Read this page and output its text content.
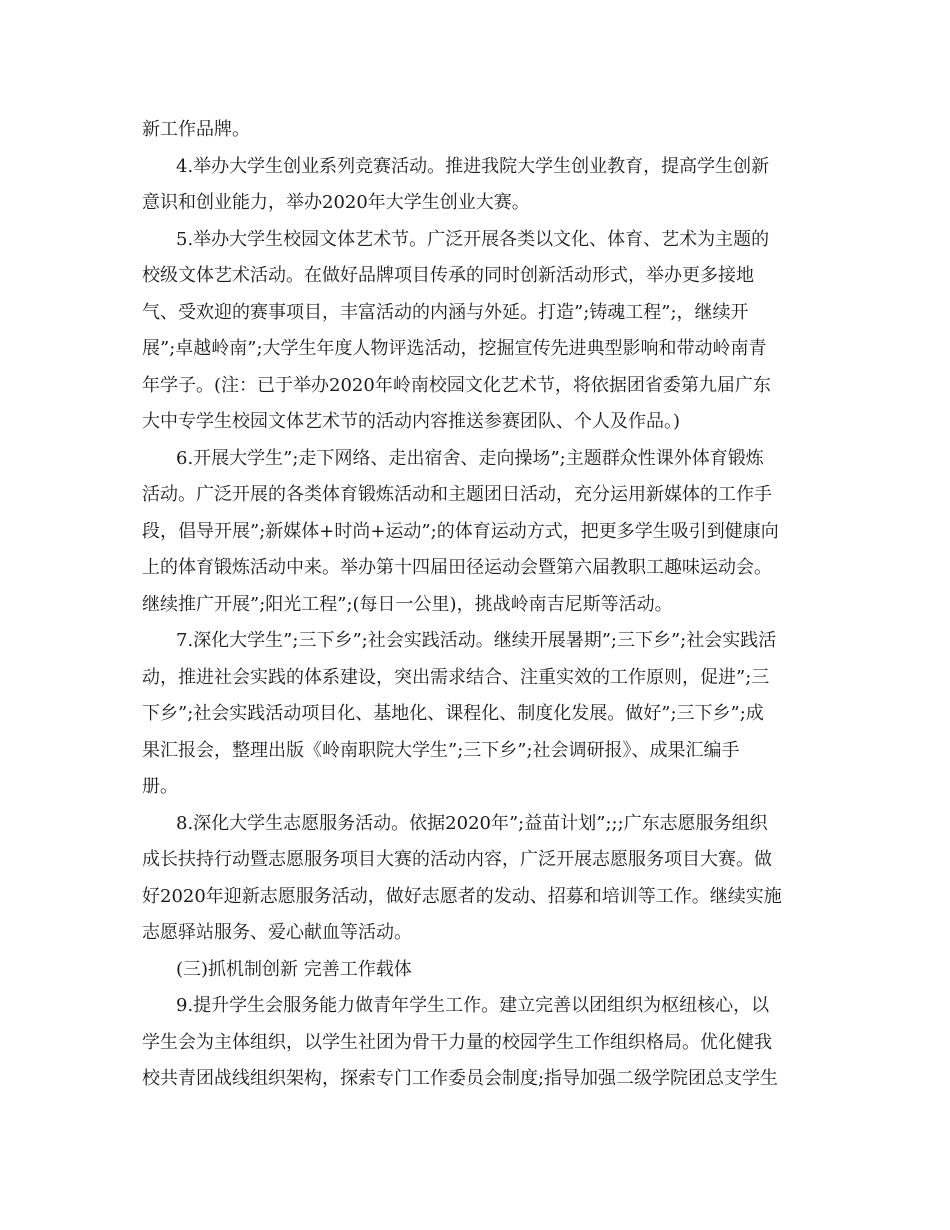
新工作品牌。
4.举办大学生创业系列竞赛活动。推进我院大学生创业教育，提高学生创新
意识和创业能力，举办2020年大学生创业大赛。
5.举办大学生校园文体艺术节。广泛开展各类以文化、体育、艺术为主题的
校级文体艺术活动。在做好品牌项目传承的同时创新活动形式，举办更多接地
气、受欢迎的赛事项目，丰富活动的内涵与外延。打造”;铸魂工程”;，继续开
展”;卓越岭南”;大学生年度人物评选活动，挖掘宣传先进典型影响和带动岭南青
年学子。(注：已于举办2020年岭南校园文化艺术节，将依据团省委第九届广东
大中专学生校园文体艺术节的活动内容推送参赛团队、个人及作品。)
6.开展大学生”;走下网络、走出宿舍、走向操场”;主题群众性课外体育锻炼
活动。广泛开展的各类体育锻炼活动和主题团日活动，充分运用新媒体的工作手
段，倡导开展”;新媒体+时尚+运动”;的体育运动方式，把更多学生吸引到健康向
上的体育锻炼活动中来。举办第十四届田径运动会暨第六届教职工趣味运动会。
继续推广开展”;阳光工程”;(每日一公里)，挑战岭南吉尼斯等活动。
7.深化大学生”;三下乡”;社会实践活动。继续开展暑期”;三下乡”;社会实践活
动，推进社会实践的体系建设，突出需求结合、注重实效的工作原则，促进”;三
下乡”;社会实践活动项目化、基地化、课程化、制度化发展。做好”;三下乡”;成
果汇报会，整理出版《岭南职院大学生”;三下乡”;社会调研报》、成果汇编手
册。
8.深化大学生志愿服务活动。依据2020年”;益苗计划”;;;广东志愿服务组织
成长扶持行动暨志愿服务项目大赛的活动内容，广泛开展志愿服务项目大赛。做
好2020年迎新志愿服务活动，做好志愿者的发动、招募和培训等工作。继续实施
志愿驿站服务、爱心献血等活动。
(三)抓机制创新 完善工作载体
9.提升学生会服务能力做青年学生工作。建立完善以团组织为枢纽核心，以
学生会为主体组织，以学生社团为骨干力量的校园学生工作组织格局。优化健我
校共青团战线组织架构，探索专门工作委员会制度;指导加强二级学院团总支学生
